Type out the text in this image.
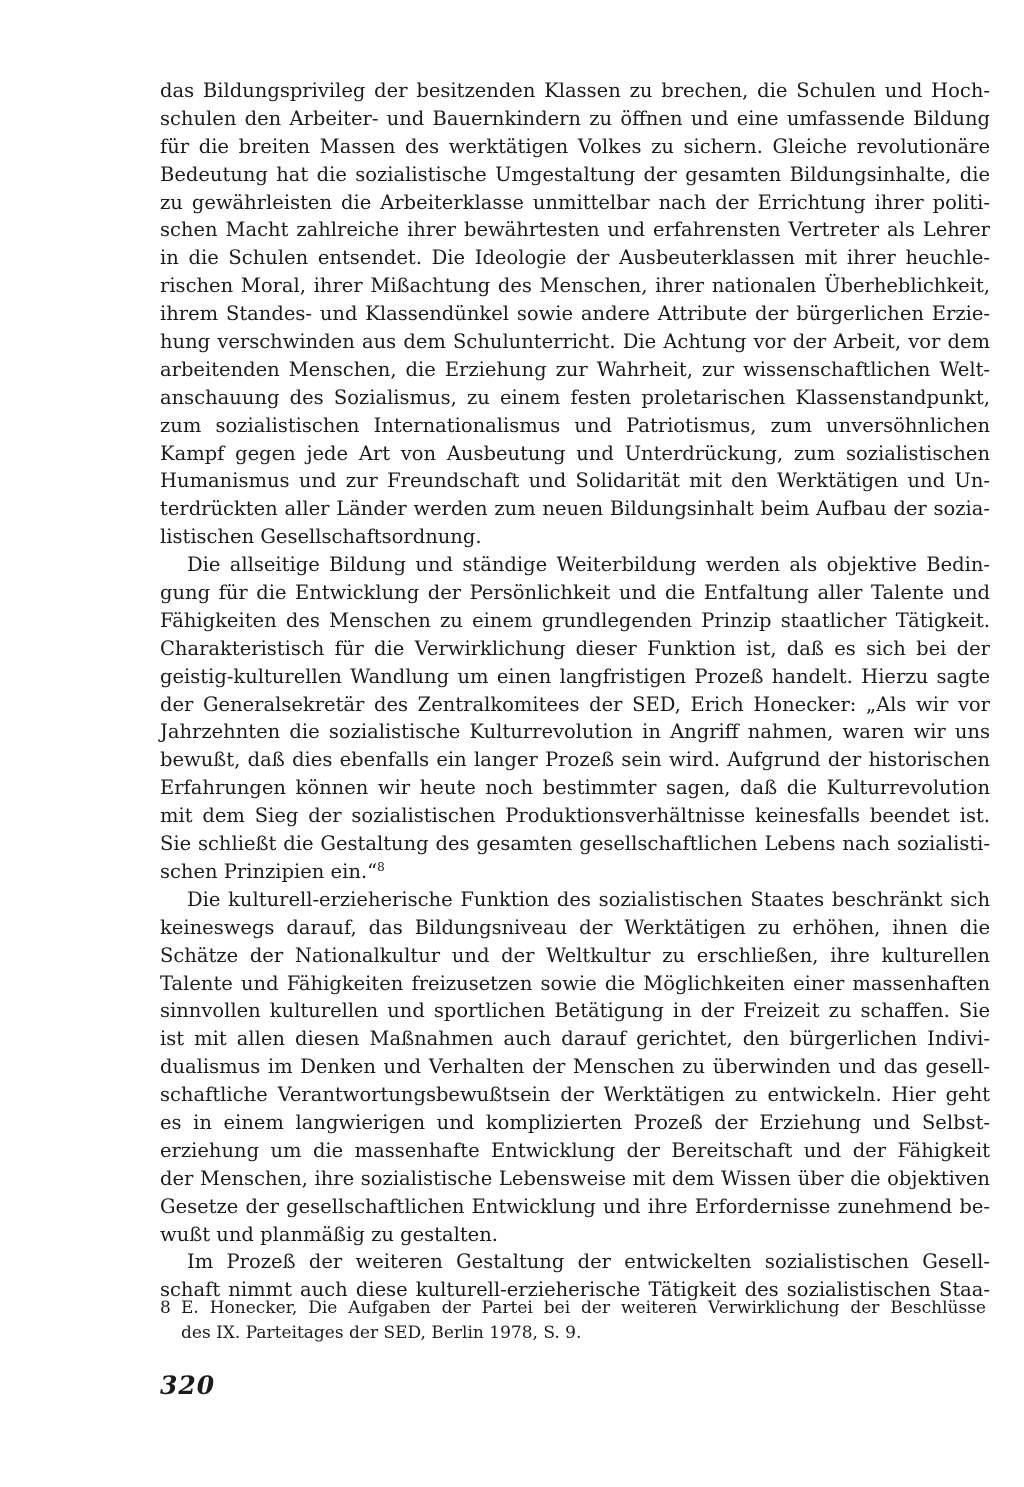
das Bildungsprivileg der besitzenden Klassen zu brechen, die Schulen und Hoch-
schulen den Arbeiter- und Bauernkindern zu öffnen und eine umfassende Bildung
für die breiten Massen des werktätigen Volkes zu sichern. Gleiche revolutionäre
Bedeutung hat die sozialistische Umgestaltung der gesamten Bildungsinhalte, die
zu gewährleisten die Arbeiterklasse unmittelbar nach der Errichtung ihrer politi-
schen Macht zahlreiche ihrer bewährtesten und erfahrensten Vertreter als Lehrer
in die Schulen entsendet. Die Ideologie der Ausbeuterklassen mit ihrer heuchle-
rischen Moral, ihrer Mißachtung des Menschen, ihrer nationalen Überheblichkeit,
ihrem Standes- und Klassendünkel sowie andere Attribute der bürgerlichen Erzie-
hung verschwinden aus dem Schulunterricht. Die Achtung vor der Arbeit, vor dem
arbeitenden Menschen, die Erziehung zur Wahrheit, zur wissenschaftlichen Welt-
anschauung des Sozialismus, zu einem festen proletarischen Klassenstandpunkt,
zum sozialistischen Internationalismus und Patriotismus, zum unversöhnlichen
Kampf gegen jede Art von Ausbeutung und Unterdrückung, zum sozialistischen
Humanismus und zur Freundschaft und Solidarität mit den Werktätigen und Un-
terdrückten aller Länder werden zum neuen Bildungsinhalt beim Aufbau der sozia-
listischen Gesellschaftsordnung.
Die allseitige Bildung und ständige Weiterbildung werden als objektive Bedin-
gung für die Entwicklung der Persönlichkeit und die Entfaltung aller Talente und
Fähigkeiten des Menschen zu einem grundlegenden Prinzip staatlicher Tätigkeit.
Charakteristisch für die Verwirklichung dieser Funktion ist, daß es sich bei der
geistig-kulturellen Wandlung um einen langfristigen Prozeß handelt. Hierzu sagte
der Generalsekretär des Zentralkomitees der SED, Erich Honecker: „Als wir vor
Jahrzehnten die sozialistische Kulturrevolution in Angriff nahmen, waren wir uns
bewußt, daß dies ebenfalls ein langer Prozeß sein wird. Aufgrund der historischen
Erfahrungen können wir heute noch bestimmter sagen, daß die Kulturrevolution
mit dem Sieg der sozialistischen Produktionsverhältnisse keinesfalls beendet ist.
Sie schließt die Gestaltung des gesamten gesellschaftlichen Lebens nach sozialisti-
schen Prinzipien ein.“$^8$
Die kulturell-erzieherische Funktion des sozialistischen Staates beschränkt sich
keineswegs darauf, das Bildungsniveau der Werktätigen zu erhöhen, ihnen die
Schätze der Nationalkultur und der Weltkultur zu erschließen, ihre kulturellen
Talente und Fähigkeiten freizusetzen sowie die Möglichkeiten einer massenhaften
sinnvollen kulturellen und sportlichen Betätigung in der Freizeit zu schaffen. Sie
ist mit allen diesen Maßnahmen auch darauf gerichtet, den bürgerlichen Indivi-
dualismus im Denken und Verhalten der Menschen zu überwinden und das gesell-
schaftliche Verantwortungsbewußtsein der Werktätigen zu entwickeln. Hier geht
es in einem langwierigen und komplizierten Prozeß der Erziehung und Selbst-
erziehung um die massenhafte Entwicklung der Bereitschaft und der Fähigkeit
der Menschen, ihre sozialistische Lebensweise mit dem Wissen über die objektiven
Gesetze der gesellschaftlichen Entwicklung und ihre Erfordernisse zunehmend be-
wußt und planmäßig zu gestalten.
Im Prozeß der weiteren Gestaltung der entwickelten sozialistischen Gesell-
schaft nimmt auch diese kulturell-erzieherische Tätigkeit des sozialistischen Staa-
8 E. Honecker, Die Aufgaben der Partei bei der weiteren Verwirklichung der Beschlüsse
des IX. Parteitages der SED, Berlin 1978, S. 9.
320
